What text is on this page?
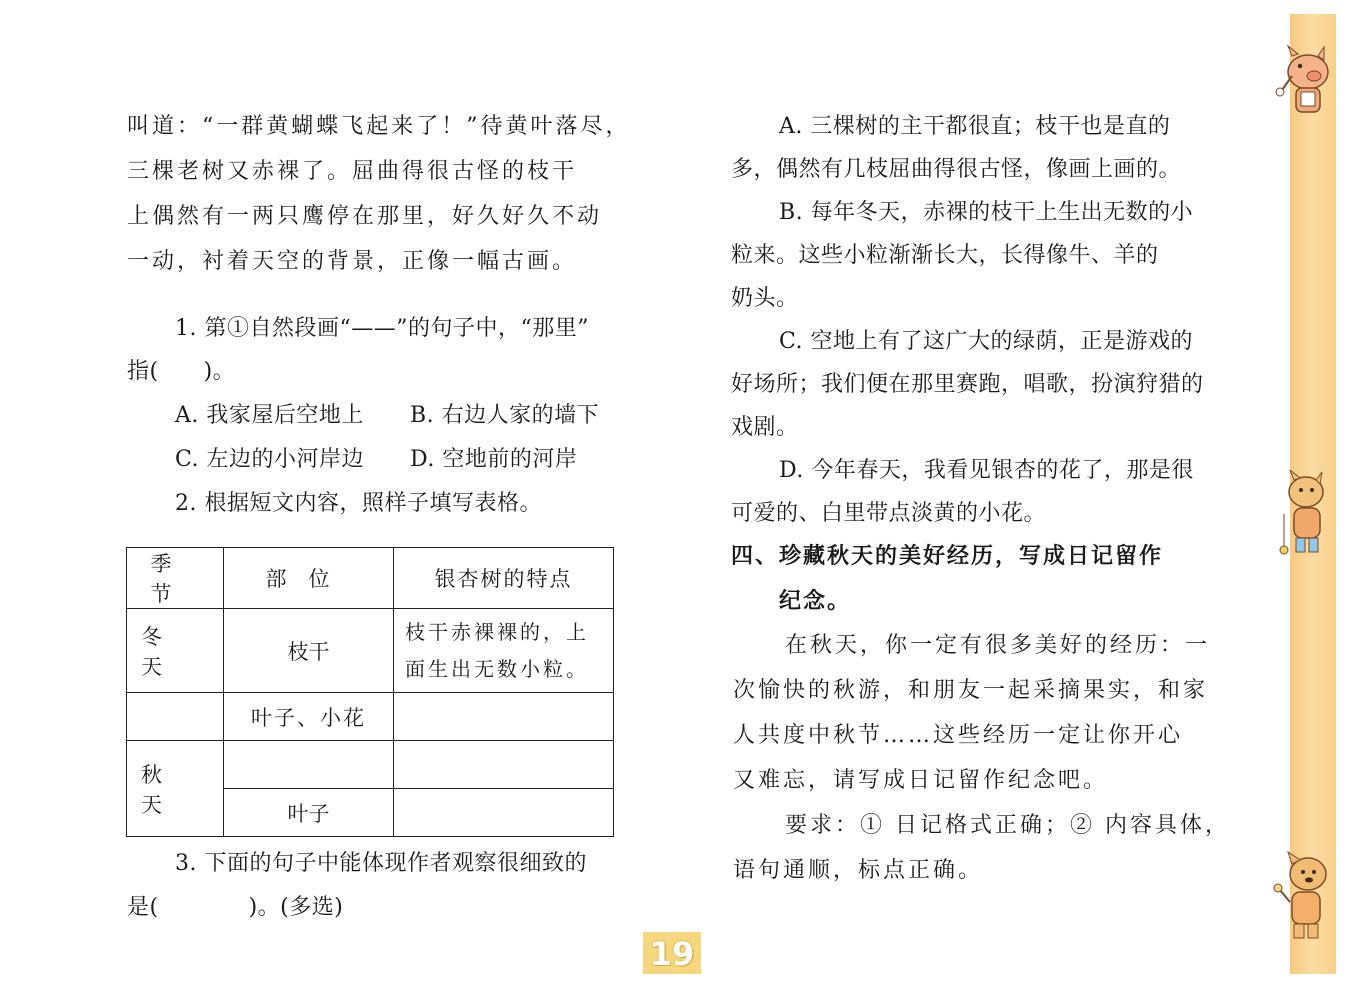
叫道：“一群黄蝴蝶飞起来了！”待黄叶落尽，
三棵老树又赤裸了。屈曲得很古怪的枝干
上偶然有一两只鹰停在那里，好久好久不动
一动，衬着天空的背景，正像一幅古画。
1. 第①自然段画“——”的句子中，“那里”
指(　　)。
A. 我家屋后空地上 B. 右边人家的墙下
C. 左边的小河岸边 D. 空地前的河岸
2. 根据短文内容，照样子填写表格。
季节	部位	银杏树的特点
冬天	枝干	枝干赤裸裸的，上
面生出无数小粒。

	叶子、小花	
秋天		
	叶子	
3. 下面的句子中能体现作者观察很细致的
是(　　　　)。(多选)
A. 三棵树的主干都很直；枝干也是直的
多，偶然有几枝屈曲得很古怪，像画上画的。
B. 每年冬天，赤裸的枝干上生出无数的小
粒来。这些小粒渐渐长大，长得像牛、羊的
奶头。
C. 空地上有了这广大的绿荫，正是游戏的
好场所；我们便在那里赛跑，唱歌，扮演狩猎的
戏剧。
D. 今年春天，我看见银杏的花了，那是很
可爱的、白里带点淡黄的小花。
四、珍藏秋天的美好经历，写成日记留作
纪念。
在秋天，你一定有很多美好的经历：一
次愉快的秋游，和朋友一起采摘果实，和家
人共度中秋节……这些经历一定让你开心
又难忘，请写成日记留作纪念吧。
要求：① 日记格式正确；② 内容具体，
语句通顺，标点正确。
19
